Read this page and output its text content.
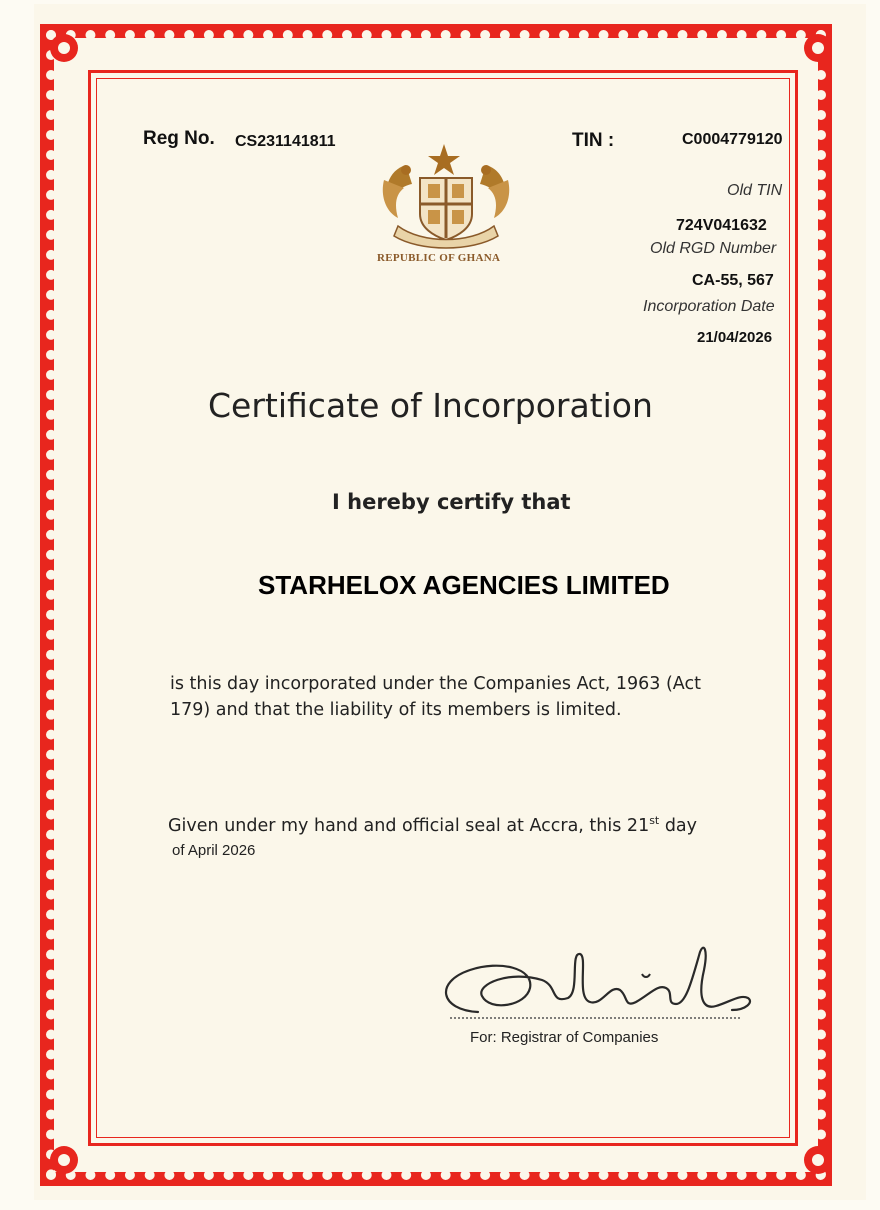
Reg No. CS231141811	TIN :	C0004779120
Old TIN
724V041632
Old RGD Number
CA-55, 567
Incorporation Date
21/04/2026
REPUBLIC OF GHANA
Certificate of Incorporation
I hereby certify that
STARHELOX AGENCIES LIMITED
is this day incorporated under the Companies Act, 1963 (Act
179) and that the liability of its members is limited.
Given under my hand and official seal at Accra, this 21st day
of April 2026
For: Registrar of Companies
